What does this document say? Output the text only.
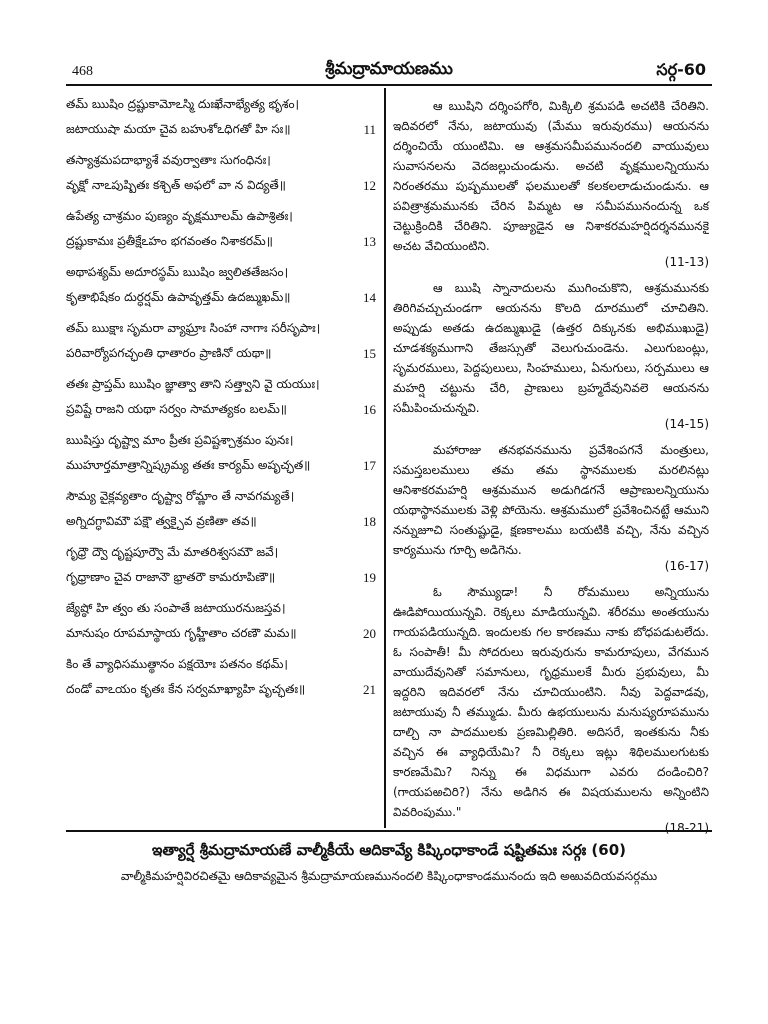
468	శ్రీమద్రామాయణము	సర్గ-60
తమ్ ఋషిం ద్రష్టుకామోఽస్మి దుఃఖేనాభ్యేత్య భృశం।
జటాయుషా మయా చైవ బహుశోఽధిగతో హి సః॥	11
తస్యాశ్రమపదాభ్యాశే వవుర్వాతాః సుగంధినః।
వృక్షో నాఽపుష్పితః కశ్చిత్ అఫలో వా న విద్యతే॥	12
ఉపేత్య చాశ్రమం పుణ్యం వృక్షమూలమ్ ఉపాశ్రితః।
ద్రష్టుకామః ప్రతీక్షేఽహం భగవంతం నిశాకరమ్॥	13
అథాపశ్యమ్ అదూరస్థమ్ ఋషిం జ్వలితతేజసం।
కృతాభిషేకం దుర్ధర్షమ్ ఉపావృత్తమ్ ఉదఙ్ముఖమ్॥	14
తమ్ ఋక్షాః సృమరా వ్యాఘ్రాః సింహా నాగాః సరీసృపాః।
పరివార్యోపగచ్ఛంతి ధాతారం ప్రాణినో యథా॥	15
తతః ప్రాప్తమ్ ఋషిం జ్ఞాత్వా తాని సత్త్వాని వై యయుః।
ప్రవిష్టే రాజని యథా సర్వం సామాత్యకం బలమ్॥	16
ఋషిస్తు దృష్ట్వా మాం ప్రీతః ప్రవిష్టశ్చాశ్రమం పునః।
ముహూర్తమాత్రాన్నిష్క్రమ్య తతః కార్యమ్ అపృచ్ఛత॥	17
సౌమ్య వైక్లవ్యతాం దృష్ట్వా రోమ్ణాం తే నావగమ్యతే।
అగ్నిదగ్ధావిమౌ పక్షౌ త్వక్చైవ వ్రణితా తవ॥	18
గృధ్రౌ ద్వౌ దృష్టపూర్వౌ మే మాతరిశ్వసమౌ జవే।
గృధ్రాణాం చైవ రాజానౌ భ్రాతరౌ కామరూపిణౌ॥	19
జ్యేష్ఠో హి త్వం తు సంపాతే జటాయురనుజస్తవ।
మానుషం రూపమాస్థాయ గృహ్ణీతాం చరణౌ మమ॥	20
కిం తే వ్యాధిసముత్థానం పక్షయోః పతనం కథమ్।
దండో వాఽయం కృతః కేన సర్వమాఖ్యాహి పృచ్ఛతః॥	21

ఆ ఋషిని దర్శింపగోరి, మిక్కిలి శ్రమపడి అచటికి చేరితిని. ఇదివరలో నేను, జటాయువు (మేము ఇరువురము) ఆయనను దర్శించియే యుంటిమి. ఆ ఆశ్రమసమీపమునందలి వాయువులు సువాసనలను వెదజల్లుచుండును. అచటి వృక్షములన్నియును నిరంతరము పుష్పములతో ఫలములతో కలకలలాడుచుండును. ఆ పవిత్రాశ్రమమునకు చేరిన పిమ్మట ఆ సమీపమునందున్న ఒక చెట్టుక్రిందికి చేరితిని. పూజ్యుడైన ఆ నిశాకరమహర్షిదర్శనమునకై అచట వేచియుంటిని.
(11-13)

ఆ ఋషి స్నానాదులను ముగించుకొని, ఆశ్రమమునకు తిరిగివచ్చుచుండగా ఆయనను కొలది దూరములో చూచితిని. అప్పుడు అతడు ఉదఙ్ముఖుడై (ఉత్తర దిక్కునకు అభిముఖుడై) చూడశక్యముగాని తేజస్సుతో వెలుగుచుండెను. ఎలుగుబంట్లు, సృమరములు, పెద్దపులులు, సింహములు, ఏనుగులు, సర్పములు ఆ మహర్షి చట్టును చేరి, ప్రాణులు బ్రహ్మదేవునివలె ఆయనను సమీపించుచున్నవి.
(14-15)

మహారాజు తనభవనమును ప్రవేశింపగనే మంత్రులు, సమస్తబలములు తమ తమ స్థానములకు మరలినట్లు ఆనిశాకరమహర్షి ఆశ్రమమున అడుగిడగనే ఆప్రాణులన్నియును యథాస్థానములకు వెళ్లి పోయెను. ఆశ్రమములో ప్రవేశించినట్టే ఆముని నన్నుజూచి సంతుష్టుడై, క్షణకాలము బయటికి వచ్చి, నేను వచ్చిన కార్యమును గూర్చి అడిగెను.
(16-17)

ఓ సౌమ్యుడా! నీ రోమములు అన్నియును ఊడిపోయియున్నవి. రెక్కలు మాడియున్నవి. శరీరము అంతయును గాయపడియున్నది. ఇందులకు గల కారణము నాకు బోధపడుటలేదు. ఓ సంపాతీ! మీ సోదరులు ఇరువురును కామరూపులు, వేగమున వాయుదేవునితో సమానులు, గృధ్రములకే మీరు ప్రభువులు, మీ ఇద్దరిని ఇదివరలో నేను చూచియుంటిని. నీవు పెద్దవాడవు, జటాయువు నీ తమ్ముడు. మీరు ఉభయులును మనుష్యరూపమును దాల్చి నా పాదములకు ప్రణమిల్లితిరి. అదిసరే, ఇంతకును నీకు వచ్చిన ఈ వ్యాధియేమి? నీ రెక్కలు ఇట్లు శిథిలములగుటకు కారణమేమి? నిన్ను ఈ విధముగా ఎవరు దండించిరి? (గాయపఱచిరి?) నేను అడిగిన ఈ విషయములను అన్నింటిని వివరింపుము."
(18-21)

ఇత్యార్షే శ్రీమద్రామాయణే వాల్మీకీయే ఆదికావ్యే కిష్కింధాకాండే షష్టితమః సర్గః (60)
వాల్మీకిమహర్షివిరచితమై ఆదికావ్యమైన శ్రీమద్రామాయణమునందలి కిష్కింధాకాండమునందు ఇది అఱువదియవసర్గము
